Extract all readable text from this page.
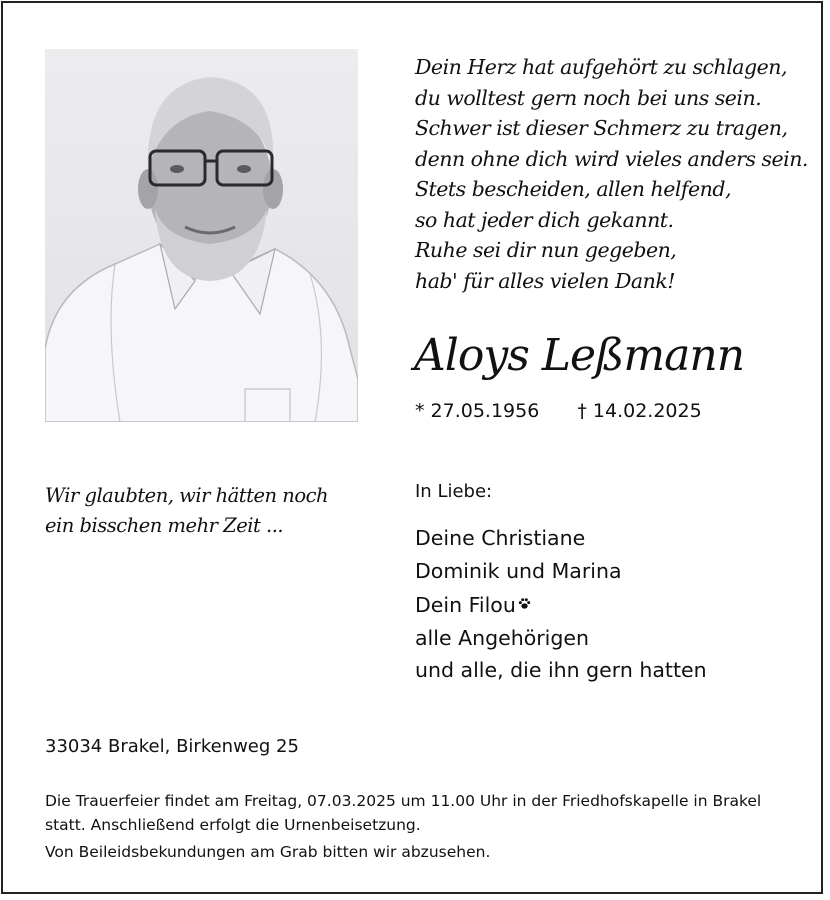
Dein Herz hat aufgehört zu schlagen,
du wolltest gern noch bei uns sein.
Schwer ist dieser Schmerz zu tragen,
denn ohne dich wird vieles anders sein.
Stets bescheiden, allen helfend,
so hat jeder dich gekannt.
Ruhe sei dir nun gegeben,
hab' für alles vielen Dank!
Aloys Leßmann
* 27.05.1956 † 14.02.2025
Wir glaubten, wir hätten noch
ein bisschen mehr Zeit ...
In Liebe:
Deine Christiane
Dominik und Marina
Dein Filou
alle Angehörigen
und alle, die ihn gern hatten
33034 Brakel, Birkenweg 25

Die Trauerfeier findet am Freitag, 07.03.2025 um 11.00 Uhr in der Friedhofskapelle in Brakel statt. Anschließend erfolgt die Urnenbeisetzung.

Von Beileidsbekundungen am Grab bitten wir abzusehen.
